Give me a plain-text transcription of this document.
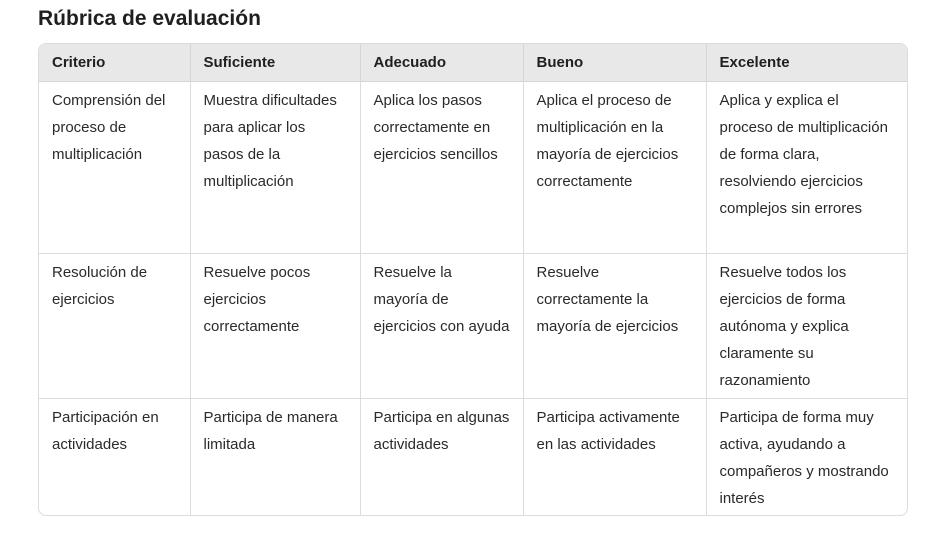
Rúbrica de evaluación
Criterio	Suficiente	Adecuado	Bueno	Excelente
Comprensión del proceso de multiplicación	Muestra dificultades para aplicar los pasos de la multiplicación	Aplica los pasos correctamente en ejercicios sencillos	Aplica el proceso de multiplicación en la mayoría de ejercicios correctamente	Aplica y explica el proceso de multiplicación de forma clara, resolviendo ejercicios complejos sin errores
Resolución de ejercicios	Resuelve pocos ejercicios correctamente	Resuelve la mayoría de ejercicios con ayuda	Resuelve correctamente la mayoría de ejercicios	Resuelve todos los ejercicios de forma autónoma y explica claramente su razonamiento
Participación en actividades	Participa de manera limitada	Participa en algunas actividades	Participa activamente en las actividades	Participa de forma muy activa, ayudando a compañeros y mostrando interés
